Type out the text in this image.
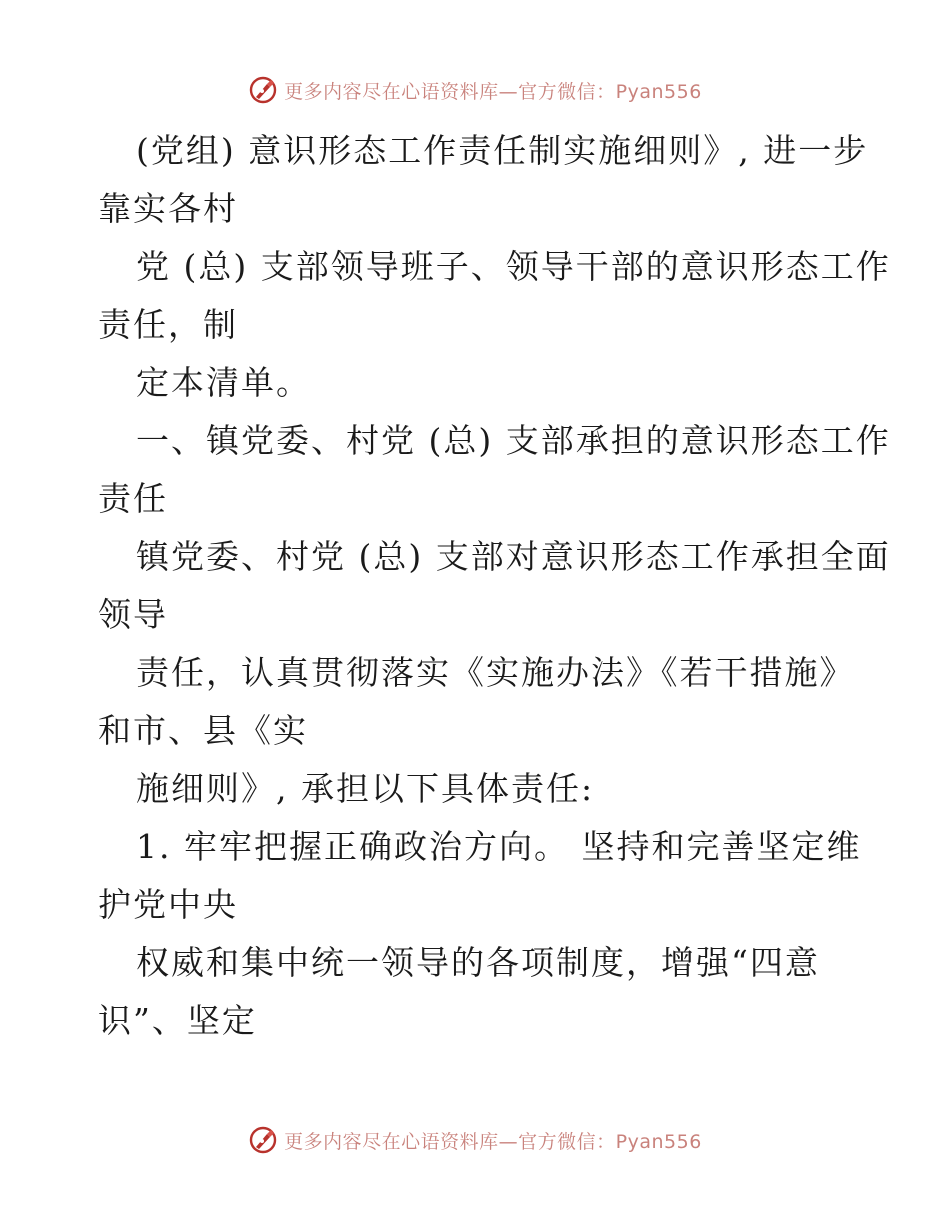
更多内容尽在心语资料库—官方微信：Pyan556
(党组) 意识形态工作责任制实施细则》, 进一步
靠实各村
党 (总) 支部领导班子、领导干部的意识形态工作
责任，制
定本清单。
一、镇党委、村党 (总) 支部承担的意识形态工作
责任
镇党委、村党 (总) 支部对意识形态工作承担全面
领导
责任，认真贯彻落实《实施办法》《若干措施》
和市、县《实
施细则》, 承担以下具体责任:
1. 牢牢把握正确政治方向。 坚持和完善坚定维
护党中央
权威和集中统一领导的各项制度，增强“四意
识”、坚定
更多内容尽在心语资料库—官方微信：Pyan556
